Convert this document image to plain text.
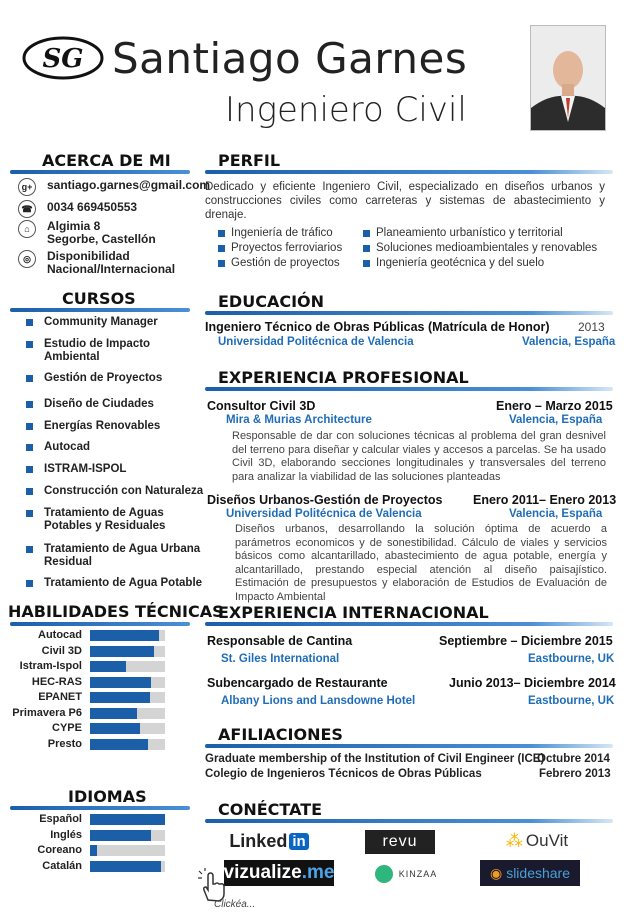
SG Santiago Garnes
Ingeniero Civil
ACERCA DE MI
g+	santiago.garnes@gmail.com
☎ 0034 669450553
⌂	Algimia 8
Segorbe, Castellón
◎	Disponibilidad
Nacional/Internacional
CURSOS
Community Manager
Estudio de Impacto
Ambiental
Gestión de Proyectos
Diseño de Ciudades
Energías Renovables
Autocad
ISTRAM-ISPOL
Construcción con Naturaleza
Tratamiento de Aguas
Potables y Residuales
Tratamiento de Agua Urbana
Residual
Tratamiento de Agua Potable
HABILIDADES TÉCNICAS
Autocad
Civil 3D
Istram-Ispol
HEC-RAS
EPANET
Primavera P6
CYPE
Presto
IDIOMAS
Español
Inglés
Coreano
Catalán
PERFIL
Dedicado y eficiente Ingeniero Civil, especializado en diseños urbanos y construcciones civiles como carreteras y sistemas de abastecimiento y drenaje.
Ingeniería de tráfico
Proyectos ferroviarios
Gestión de proyectos
Planeamiento urbanístico y territorial
Soluciones medioambientales y renovables
Ingeniería geotécnica y del suelo
EDUCACIÓN
Ingeniero Técnico de Obras Públicas (Matrícula de Honor) 2013
Universidad Politécnica de Valencia	Valencia, España
EXPERIENCIA PROFESIONAL
Consultor Civil 3D	Enero – Marzo 2015
Mira & Murias Architecture	Valencia, España
Responsable de dar con soluciones técnicas al problema del gran desnivel del terreno para diseñar y calcular viales y accesos a parcelas. Se ha usado Civil 3D, elaborando secciones longitudinales y transversales del terreno para analizar la viabilidad de las soluciones planteadas
Diseños Urbanos-Gestión de Proyectos Enero 2011– Enero 2013
Universidad Politécnica de Valencia	Valencia, España
Diseños urbanos, desarrollando la solución óptima de acuerdo a parámetros economicos y de sonestibilidad. Cálculo de viales y servicios básicos como alcantarillado, abastecimiento de agua potable, energía y alcantarillado, prestando especial atención al diseño paisajístico. Estimación de presupuestos y elaboración de Estudios de Evaluación de Impacto Ambiental
EXPERIENCIA INTERNACIONAL
Responsable de Cantina	Septiembre – Diciembre 2015
St. Giles International	Eastbourne, UK
Subencargado de Restaurante	Junio 2013– Diciembre 2014
Albany Lions and Lansdowne Hotel	Eastbourne, UK
AFILIACIONES
Graduate membership of the Institution of Civil Engineer (ICE)
Octubre 2014
Colegio de Ingenieros Técnicos de Obras Públicas	Febrero 2013
CONÉCTATE
Linked in	revu	⁂ OuVit
vizualize .me	KINZAA	◉ slideshare
Clickéa...
